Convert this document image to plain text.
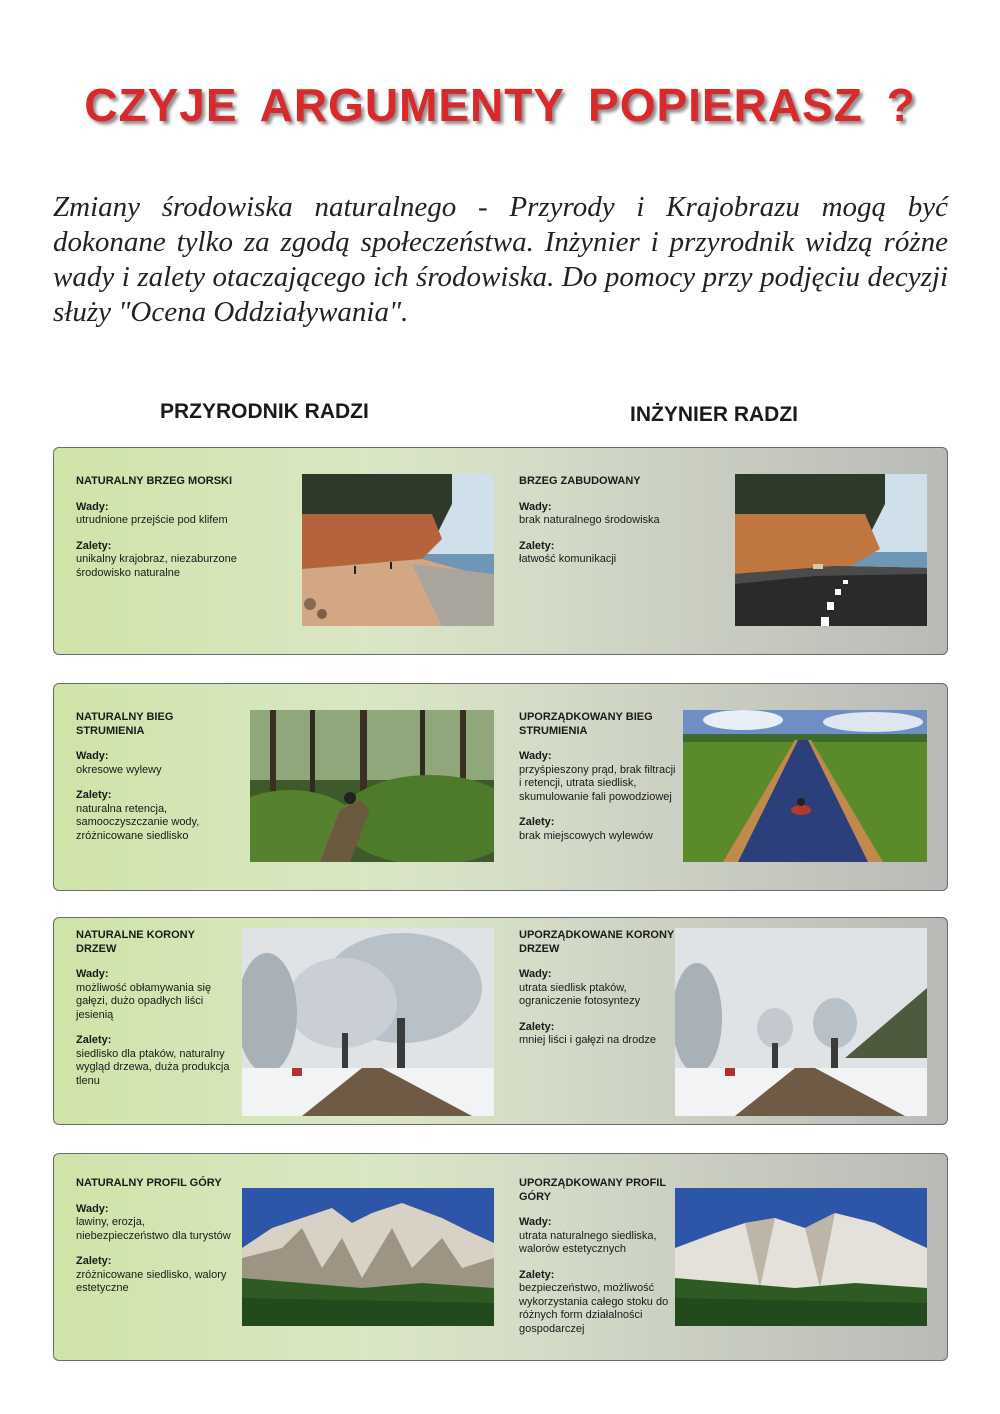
CZYJE ARGUMENTY POPIERASZ ?
Zmiany środowiska naturalnego - Przyrody i Krajobrazu mogą być dokonane tylko za zgodą społeczeństwa. Inżynier i przyrodnik widzą różne wady i zalety otaczającego ich środowiska. Do pomocy przy podjęciu decyzji służy "Ocena Oddziaływania".
PRZYRODNIK RADZI	INŻYNIER RADZI
NATURALNY BRZEG MORSKI
Wady:
utrudnione przejście pod klifem
Zalety:
unikalny krajobraz, niezaburzone środowisko naturalne
BRZEG ZABUDOWANY
Wady:
brak naturalnego środowiska
Zalety:
łatwość komunikacji
NATURALNY BIEG STRUMIENIA
Wady:
okresowe wylewy
Zalety:
naturalna retencja, samooczyszczanie wody, zróżnicowane siedlisko
UPORZĄDKOWANY BIEG STRUMIENIA
Wady:
przyśpieszony prąd, brak filtracji i retencji, utrata siedlisk, skumulowanie fali powodziowej
Zalety:
brak miejscowych wylewów
NATURALNE KORONY DRZEW
Wady:
możliwość obłamywania się gałęzi, dużo opadłych liści jesienią
Zalety:
siedlisko dla ptaków, naturalny wygląd drzewa, duża produkcja tlenu
UPORZĄDKOWANE KORONY DRZEW
Wady:
utrata siedlisk ptaków, ograniczenie fotosyntezy
Zalety:
mniej liści i gałęzi na drodze
NATURALNY PROFIL GÓRY
Wady:
lawiny, erozja, niebezpieczeństwo dla turystów
Zalety:
zróżnicowane siedlisko, walory estetyczne
UPORZĄDKOWANY PROFIL GÓRY
Wady:
utrata naturalnego siedliska, walorów estetycznych
Zalety:
bezpieczeństwo, możliwość wykorzystania całego stoku do różnych form działalności gospodarczej
